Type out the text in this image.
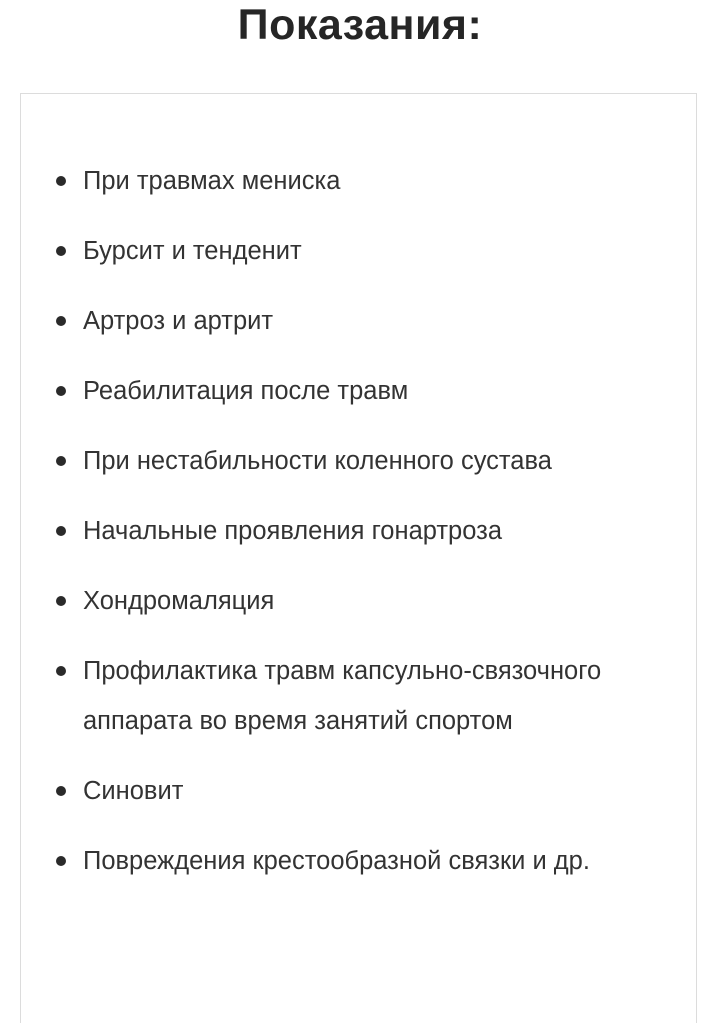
Показания:
При травмах мениска
Бурсит и тенденит
Артроз и артрит
Реабилитация после травм
При нестабильности коленного сустава
Начальные проявления гонартроза
Хондромаляция
Профилактика травм капсульно-связочного аппарата во время занятий спортом
Синовит
Повреждения крестообразной связки и др.
